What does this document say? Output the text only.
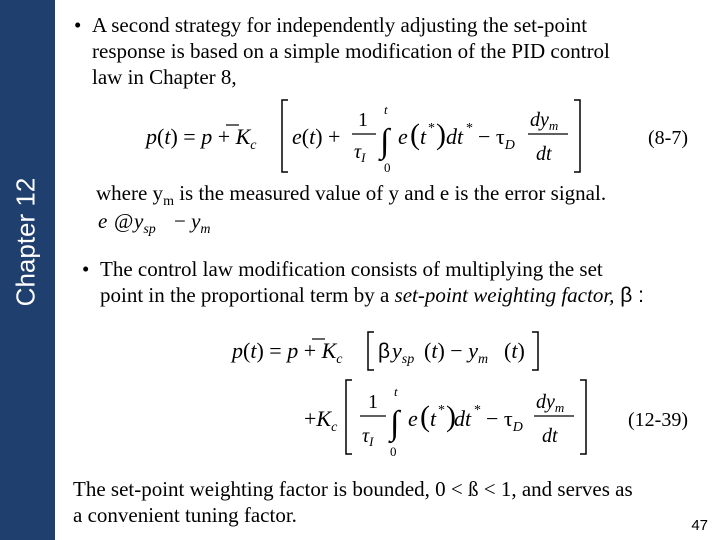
Chapter 12
• A second strategy for independently adjusting the set-point
response is based on a simple modification of the PID control
law in Chapter 8,
$p(t) = p + K_c$ e(t) +
1
$\tau_I$ ∫
t
0
e ( t * ) dt * − $\tau_D$
$dy_m$
dt
(8-7)
where $y_m$ is the measured value of y and e is the error signal.
e @ $y_{sp} - y_m$
• The control law modification consists of multiplying the set
point in the proportional term by a set-point weighting factor, β :
$p(t) = p + K_c$ β $y_{sp}$ $(t) - y_m$ (t)
$+K_c$
1
$\tau_I$ ∫
t
0
e ( t * )
dt * − $\tau_D$
$dy_m$
dt
(12-39)
The set-point weighting factor is bounded, 0 < ß < 1, and serves as
a convenient tuning factor.	47
